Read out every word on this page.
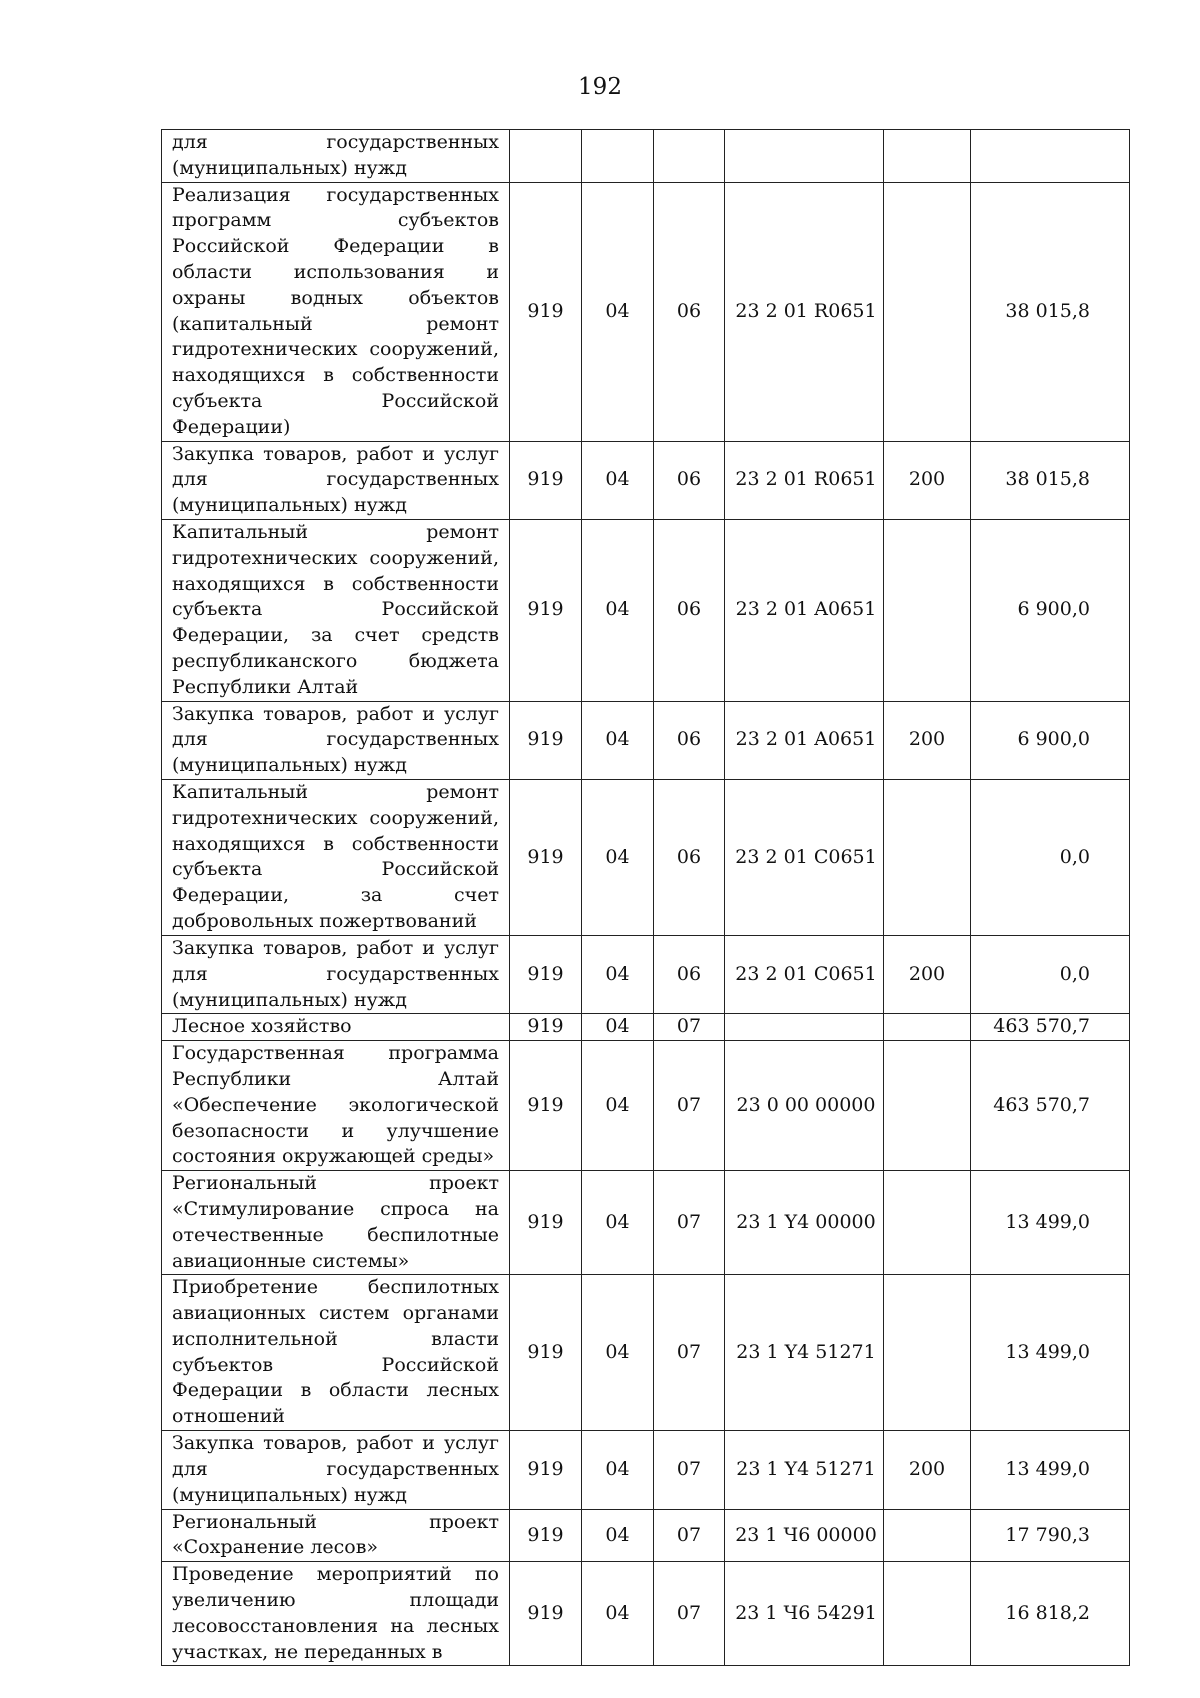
192
для государственных (муниципальных) нужд						
Реализация государственных программ субъектов Российской Федерации в области использования и охраны водных объектов (капитальный ремонт гидротехнических сооружений, находящихся в собственности субъекта Российской Федерации)	919	04	06	23 2 01 R0651		38 015,8
Закупка товаров, работ и услуг для государственных (муниципальных) нужд	919	04	06	23 2 01 R0651	200	38 015,8
Капитальный ремонт гидротехнических сооружений, находящихся в собственности субъекта Российской Федерации, за счет средств республиканского бюджета Республики Алтай	919	04	06	23 2 01 A0651		6 900,0
Закупка товаров, работ и услуг для государственных (муниципальных) нужд	919	04	06	23 2 01 A0651	200	6 900,0
Капитальный ремонт гидротехнических сооружений, находящихся в собственности субъекта Российской Федерации, за счет добровольных пожертвований	919	04	06	23 2 01 C0651		0,0
Закупка товаров, работ и услуг для государственных (муниципальных) нужд	919	04	06	23 2 01 C0651	200	0,0
Лесное хозяйство	919	04	07			463 570,7
Государственная программа Республики Алтай «Обеспечение экологической безопасности и улучшение состояния окружающей среды»	919	04	07	23 0 00 00000		463 570,7
Региональный проект «Стимулирование спроса на отечественные беспилотные авиационные системы»	919	04	07	23 1 Y4 00000		13 499,0
Приобретение беспилотных авиационных систем органами исполнительной власти субъектов Российской Федерации в области лесных отношений	919	04	07	23 1 Y4 51271		13 499,0
Закупка товаров, работ и услуг для государственных (муниципальных) нужд	919	04	07	23 1 Y4 51271	200	13 499,0
Региональный проект «Сохранение лесов»	919	04	07	23 1 Ч6 00000		17 790,3
Проведение мероприятий по увеличению площади лесовосстановления на лесных участках, не переданных в	919	04	07	23 1 Ч6 54291		16 818,2
